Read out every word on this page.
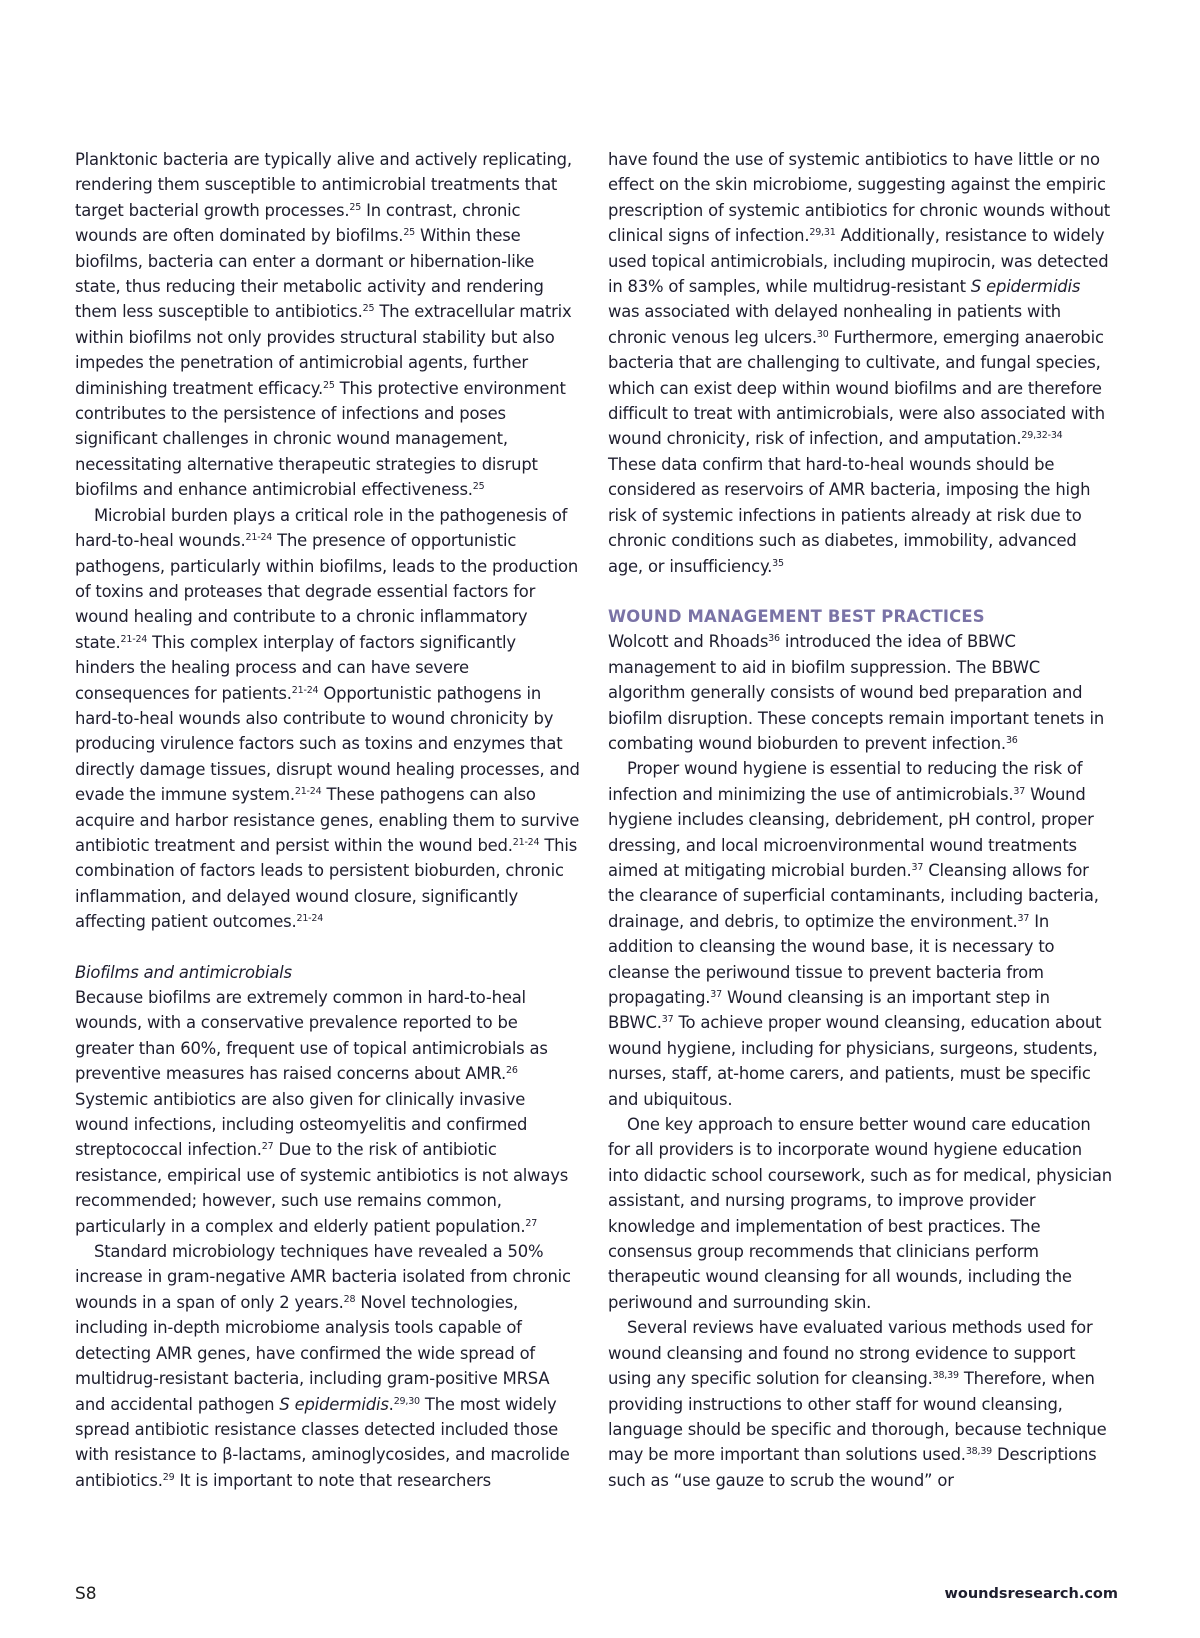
Planktonic bacteria are typically alive and actively replicating, rendering them susceptible to antimicrobial treatments that target bacterial growth processes.$^{25}$ In contrast, chronic wounds are often dominated by biofilms.$^{25}$ Within these biofilms, bacteria can enter a dormant or hibernation-like state, thus reducing their metabolic activity and rendering them less susceptible to antibiotics.$^{25}$ The extracellular matrix within biofilms not only provides structural stability but also impedes the penetration of antimicrobial agents, further diminishing treatment efficacy.$^{25}$ This protective environment contributes to the persistence of infections and poses significant challenges in chronic wound management, necessitating alternative therapeutic strategies to disrupt biofilms and enhance antimicrobial effectiveness.$^{25}$

Microbial burden plays a critical role in the pathogenesis of hard-to-heal wounds.$^{21-24}$ The presence of opportunistic pathogens, particularly within biofilms, leads to the production of toxins and proteases that degrade essential factors for wound healing and contribute to a chronic inflammatory state.$^{21-24}$ This complex interplay of factors significantly hinders the healing process and can have severe consequences for patients.$^{21-24}$ Opportunistic pathogens in hard-to-heal wounds also contribute to wound chronicity by producing virulence factors such as toxins and enzymes that directly damage tissues, disrupt wound healing processes, and evade the immune system.$^{21-24}$ These pathogens can also acquire and harbor resistance genes, enabling them to survive antibiotic treatment and persist within the wound bed.$^{21-24}$ This combination of factors leads to persistent bioburden, chronic inflammation, and delayed wound closure, significantly affecting patient outcomes.$^{21-24}$

Biofilms and antimicrobials

Because biofilms are extremely common in hard-to-heal wounds, with a conservative prevalence reported to be greater than 60%, frequent use of topical antimicrobials as preventive measures has raised concerns about AMR.$^{26}$ Systemic antibiotics are also given for clinically invasive wound infections, including osteomyelitis and confirmed streptococcal infection.$^{27}$ Due to the risk of antibiotic resistance, empirical use of systemic antibiotics is not always recommended; however, such use remains common, particularly in a complex and elderly patient population.$^{27}$

Standard microbiology techniques have revealed a 50% increase in gram-negative AMR bacteria isolated from chronic wounds in a span of only 2 years.$^{28}$ Novel technologies, including in-depth microbiome analysis tools capable of detecting AMR genes, have confirmed the wide spread of multidrug-resistant bacteria, including gram-positive MRSA and accidental pathogen S epidermidis.$^{29,30}$ The most widely spread antibiotic resistance classes detected included those with resistance to β-lactams, aminoglycosides, and macrolide antibiotics.$^{29}$ It is important to note that researchers

have found the use of systemic antibiotics to have little or no effect on the skin microbiome, suggesting against the empiric prescription of systemic antibiotics for chronic wounds without clinical signs of infection.$^{29,31}$ Additionally, resistance to widely used topical antimicrobials, including mupirocin, was detected in 83% of samples, while multidrug-resistant S epidermidis was associated with delayed nonhealing in patients with chronic venous leg ulcers.$^{30}$ Furthermore, emerging anaerobic bacteria that are challenging to cultivate, and fungal species, which can exist deep within wound biofilms and are therefore difficult to treat with antimicrobials, were also associated with wound chronicity, risk of infection, and amputation.$^{29,32-34}$ These data confirm that hard-to-heal wounds should be considered as reservoirs of AMR bacteria, imposing the high risk of systemic infections in patients already at risk due to chronic conditions such as diabetes, immobility, advanced age, or insufficiency.$^{35}$

WOUND MANAGEMENT BEST PRACTICES

Wolcott and Rhoads$^{36}$ introduced the idea of BBWC management to aid in biofilm suppression. The BBWC algorithm generally consists of wound bed preparation and biofilm disruption. These concepts remain important tenets in combating wound bioburden to prevent infection.$^{36}$

Proper wound hygiene is essential to reducing the risk of infection and minimizing the use of antimicrobials.$^{37}$ Wound hygiene includes cleansing, debridement, pH control, proper dressing, and local microenvironmental wound treatments aimed at mitigating microbial burden.$^{37}$ Cleansing allows for the clearance of superficial contaminants, including bacteria, drainage, and debris, to optimize the environment.$^{37}$ In addition to cleansing the wound base, it is necessary to cleanse the periwound tissue to prevent bacteria from propagating.$^{37}$ Wound cleansing is an important step in BBWC.$^{37}$ To achieve proper wound cleansing, education about wound hygiene, including for physicians, surgeons, students, nurses, staff, at-home carers, and patients, must be specific and ubiquitous.

One key approach to ensure better wound care education for all providers is to incorporate wound hygiene education into didactic school coursework, such as for medical, physician assistant, and nursing programs, to improve provider knowledge and implementation of best practices. The consensus group recommends that clinicians perform therapeutic wound cleansing for all wounds, including the periwound and surrounding skin.

Several reviews have evaluated various methods used for wound cleansing and found no strong evidence to support using any specific solution for cleansing.$^{38,39}$ Therefore, when providing instructions to other staff for wound cleansing, language should be specific and thorough, because technique may be more important than solutions used.$^{38,39}$ Descriptions such as “use gauze to scrub the wound” or

S8	woundsresearch.com
